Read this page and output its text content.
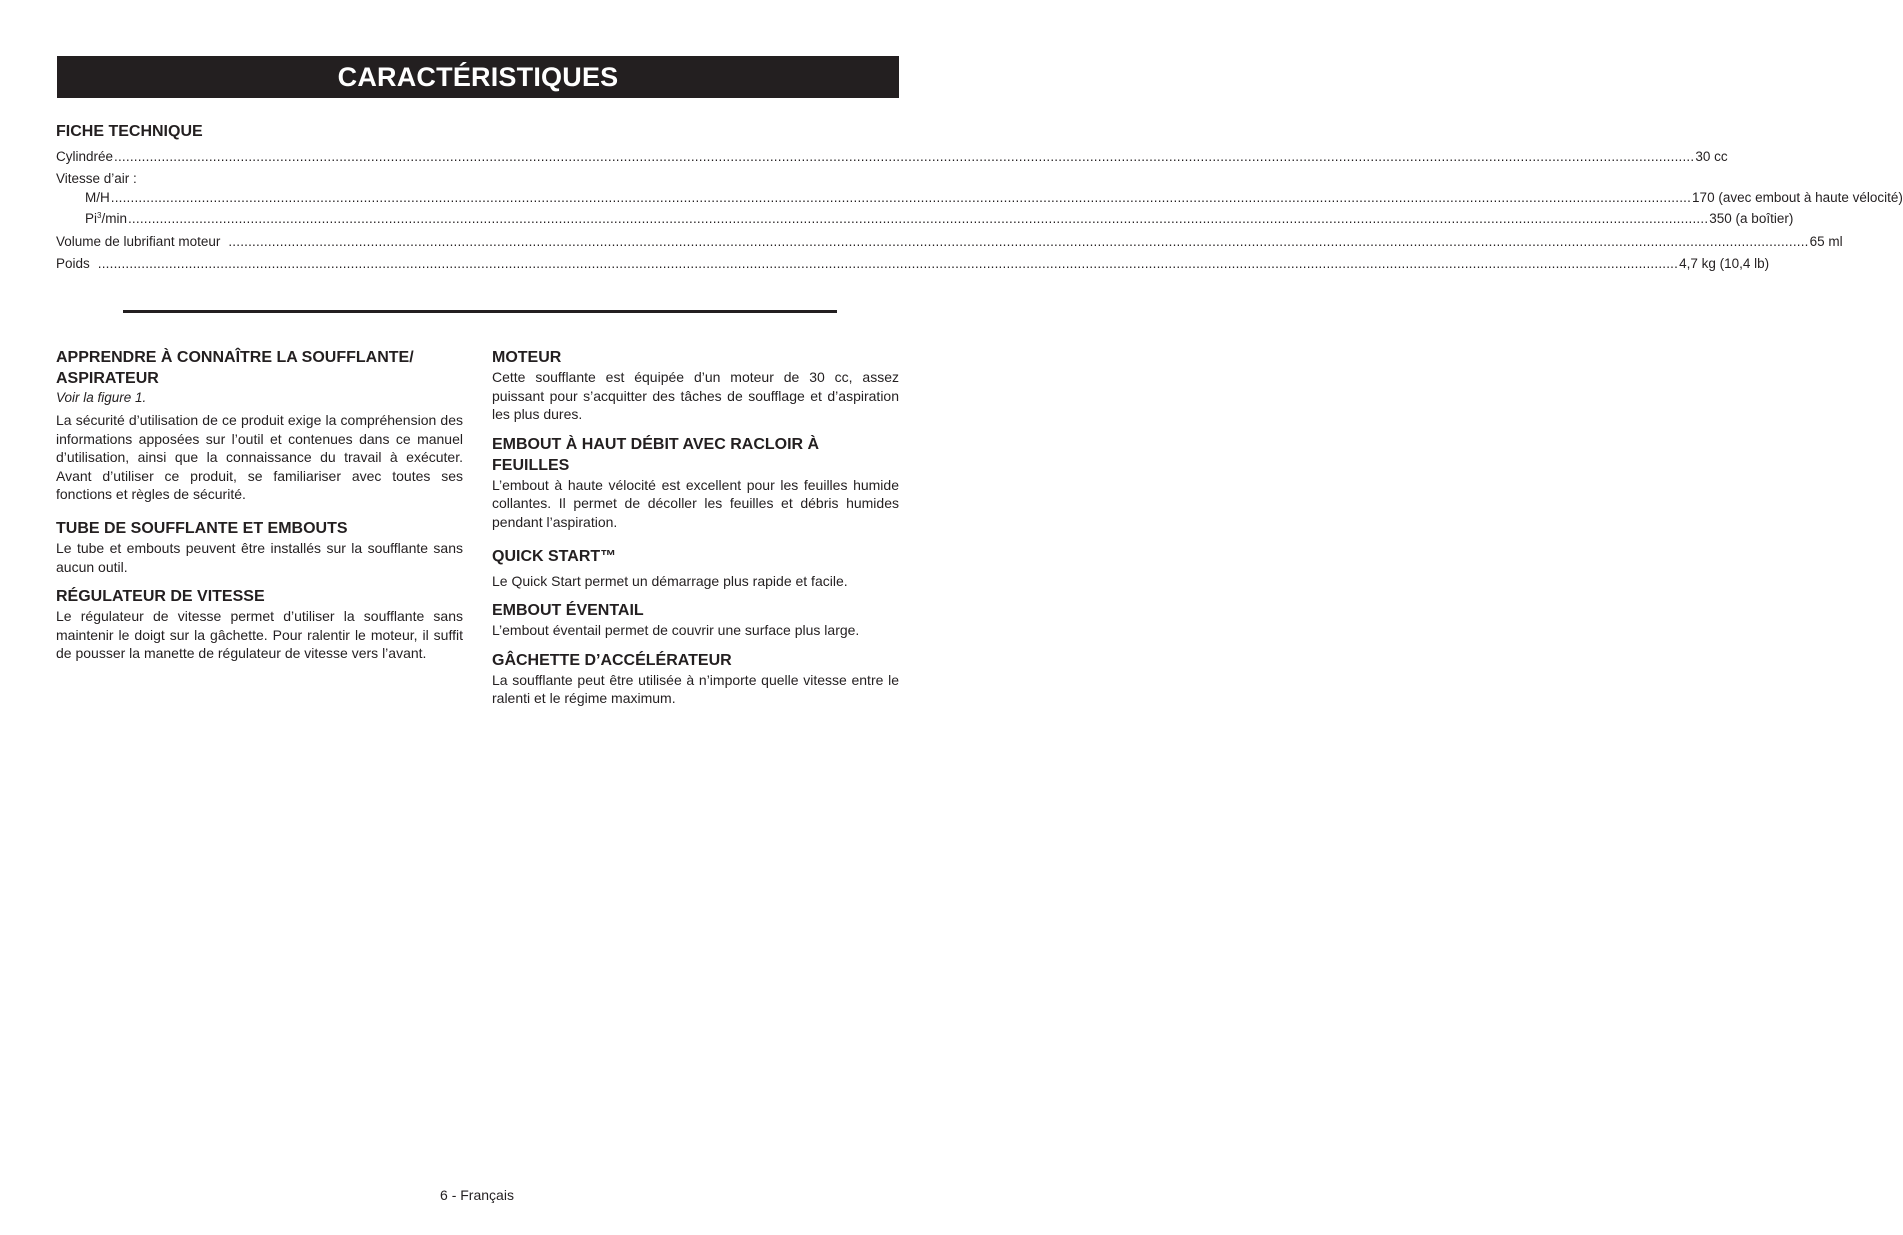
CARACTÉRISTIQUES
FICHE TECHNIQUE
Cylindrée ................................................................................................................................................................................................................................................................................................................................................................................................................ 30 cc
Vitesse d’air :
M/H ................................................................................................................................................................................................................................................................................................................................................................................................................ 170 (avec embout à haute vélocité)
Pi$^3$/min ................................................................................................................................................................................................................................................................................................................................................................................................................ 350 (a boîtier)
Volume de lubrifiant moteur ................................................................................................................................................................................................................................................................................................................................................................................................................ 65 ml
Poids ................................................................................................................................................................................................................................................................................................................................................................................................................ 4,7 kg (10,4 lb)
APPRENDRE À CONNAÎTRE LA SOUFFLANTE/
ASPIRATEUR

Voir la figure 1.

La sécurité d’utilisation de ce produit exige la compréhension des informations apposées sur l’outil et contenues dans ce manuel d’utilisation, ainsi que la connaissance du travail à exécuter. Avant d’utiliser ce produit, se familiariser avec toutes ses fonctions et règles de sécurité.

TUBE DE SOUFFLANTE ET EMBOUTS

Le tube et embouts peuvent être installés sur la soufflante sans aucun outil.

RÉGULATEUR DE VITESSE

Le régulateur de vitesse permet d’utiliser la soufflante sans maintenir le doigt sur la gâchette. Pour ralentir le moteur, il suffit de pousser la manette de régulateur de vitesse vers l’avant.

MOTEUR

Cette soufflante est équipée d’un moteur de 30 cc, assez puissant pour s’acquitter des tâches de soufflage et d’aspiration les plus dures.

EMBOUT À HAUT DÉBIT AVEC RACLOIR À
FEUILLES

L’embout à haute vélocité est excellent pour les feuilles humide collantes. Il permet de décoller les feuilles et débris humides pendant l’aspiration.

QUICK START™

Le Quick Start permet un démarrage plus rapide et facile.

EMBOUT ÉVENTAIL

L’embout éventail permet de couvrir une surface plus large.

GÂCHETTE D’ACCÉLÉRATEUR

La soufflante peut être utilisée à n’importe quelle vitesse entre le ralenti et le régime maximum.

6 - Français
